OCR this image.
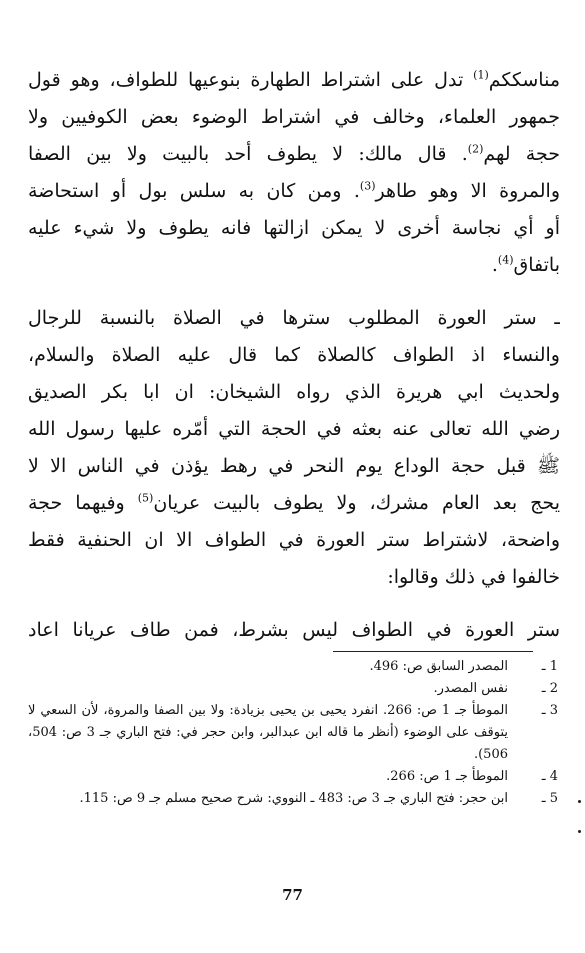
مناسككم$^{(1)}$ تدل على اشتراط الطهارة بنوعيها للطواف، وهو قول
جمهور العلماء، وخالف في اشتراط الوضوء بعض الكوفيين ولا
حجة لهم$^{(2)}$. قال مالك: لا يطوف أحد بالبيت ولا بين الصفا
والمروة الا وهو طاهر$^{(3)}$. ومن كان به سلس بول أو استحاضة
أو أي نجاسة أخرى لا يمكن ازالتها فانه يطوف ولا شيء عليه
باتفاق$^{(4)}$.
ـ ستر العورة المطلوب سترها في الصلاة بالنسبة للرجال
والنساء اذ الطواف كالصلاة كما قال عليه الصلاة والسلام،
ولحديث ابي هريرة الذي رواه الشيخان: ان ابا بكر الصديق
رضي الله تعالى عنه بعثه في الحجة التي أمّره عليها رسول الله
ﷺ قبل حجة الوداع يوم النحر في رهط يؤذن في الناس الا لا
يحج بعد العام مشرك، ولا يطوف بالبيت عريان$^{(5)}$ وفيهما حجة
واضحة، لاشتراط ستر العورة في الطواف الا ان الحنفية فقط
خالفوا في ذلك وقالوا:
ستر العورة في الطواف ليس بشرط، فمن طاف عريانا اعاد
1 ـ
المصدر السابق ص: 496.
2 ـ
نفس المصدر.
3 ـ
الموطأ جـ 1 ص: 266. انفرد يحيى بن يحيى بزيادة: ولا بين الصفا والمروة، لأن السعي لا يتوقف على الوضوء (أنظر ما قاله ابن عبدالبر، وابن حجر في: فتح الباري جـ 3 ص: 504، 506).
4 ـ
الموطأ جـ 1 ص: 266.
5 ـ
ابن حجر: فتح الباري جـ 3 ص: 483 ـ النووي: شرح صحيح مسلم جـ 9 ص: 115.
77
